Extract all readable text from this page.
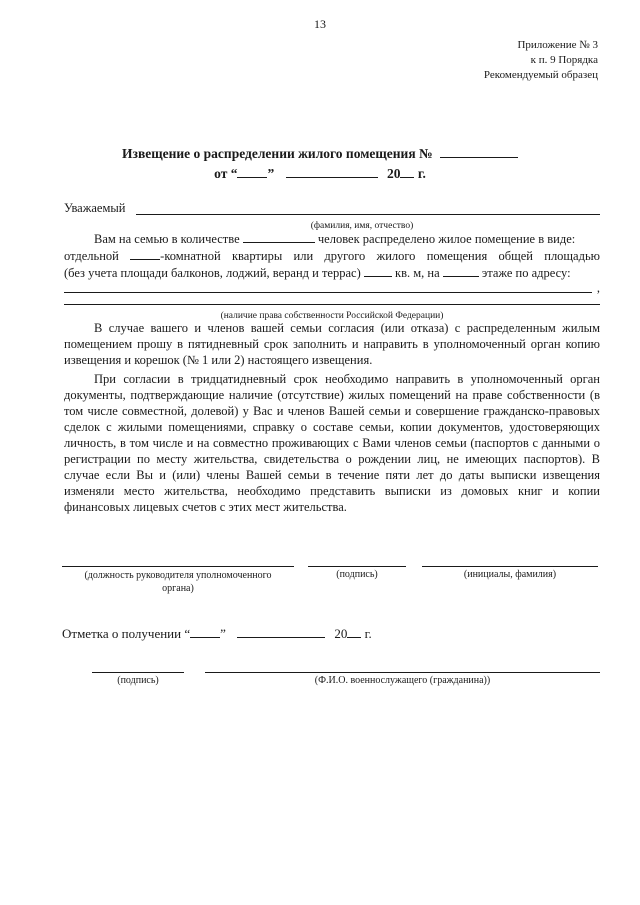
13
Приложение № 3
к п. 9 Порядка
Рекомендуемый образец
Извещение о распределении жилого помещения №
от “ ”	20 г.
Уважаемый
(фамилия, имя, отчество)
Вам на семью в количестве	человек распределено жилое помещение в виде:
отдельной	-комнатной квартиры или другого жилого помещения общей площадью
(без учета площади балконов, лоджий, веранд и террас)	кв. м, на	этаже по адресу:
,
(наличие права собственности Российской Федерации)
В случае вашего и членов вашей семьи согласия (или отказа) с распределенным жилым помещением прошу в пятидневный срок заполнить и направить в уполномоченный орган копию извещения и корешок (№ 1 или 2) настоящего извещения.
При согласии в тридцатидневный срок необходимо направить в уполномоченный орган документы, подтверждающие наличие (отсутствие) жилых помещений на праве собственности (в том числе совместной, долевой) у Вас и членов Вашей семьи и совершение гражданско-правовых сделок с жилыми помещениями, справку о составе семьи, копии документов, удостоверяющих личность, в том числе и на совместно проживающих с Вами членов семьи (паспортов с данными о регистрации по месту жительства, свидетельства о рождении лиц, не имеющих паспортов). В случае если Вы и (или) члены Вашей семьи в течение пяти лет до даты выписки извещения изменяли место жительства, необходимо представить выписки из домовых книг и копии финансовых лицевых счетов с этих мест жительства.
(должность руководителя уполномоченного
органа)
(подпись)	(инициалы, фамилия)
Отметка о получении “ ”	20 г.
(подпись)	(Ф.И.О. военнослужащего (гражданина))
